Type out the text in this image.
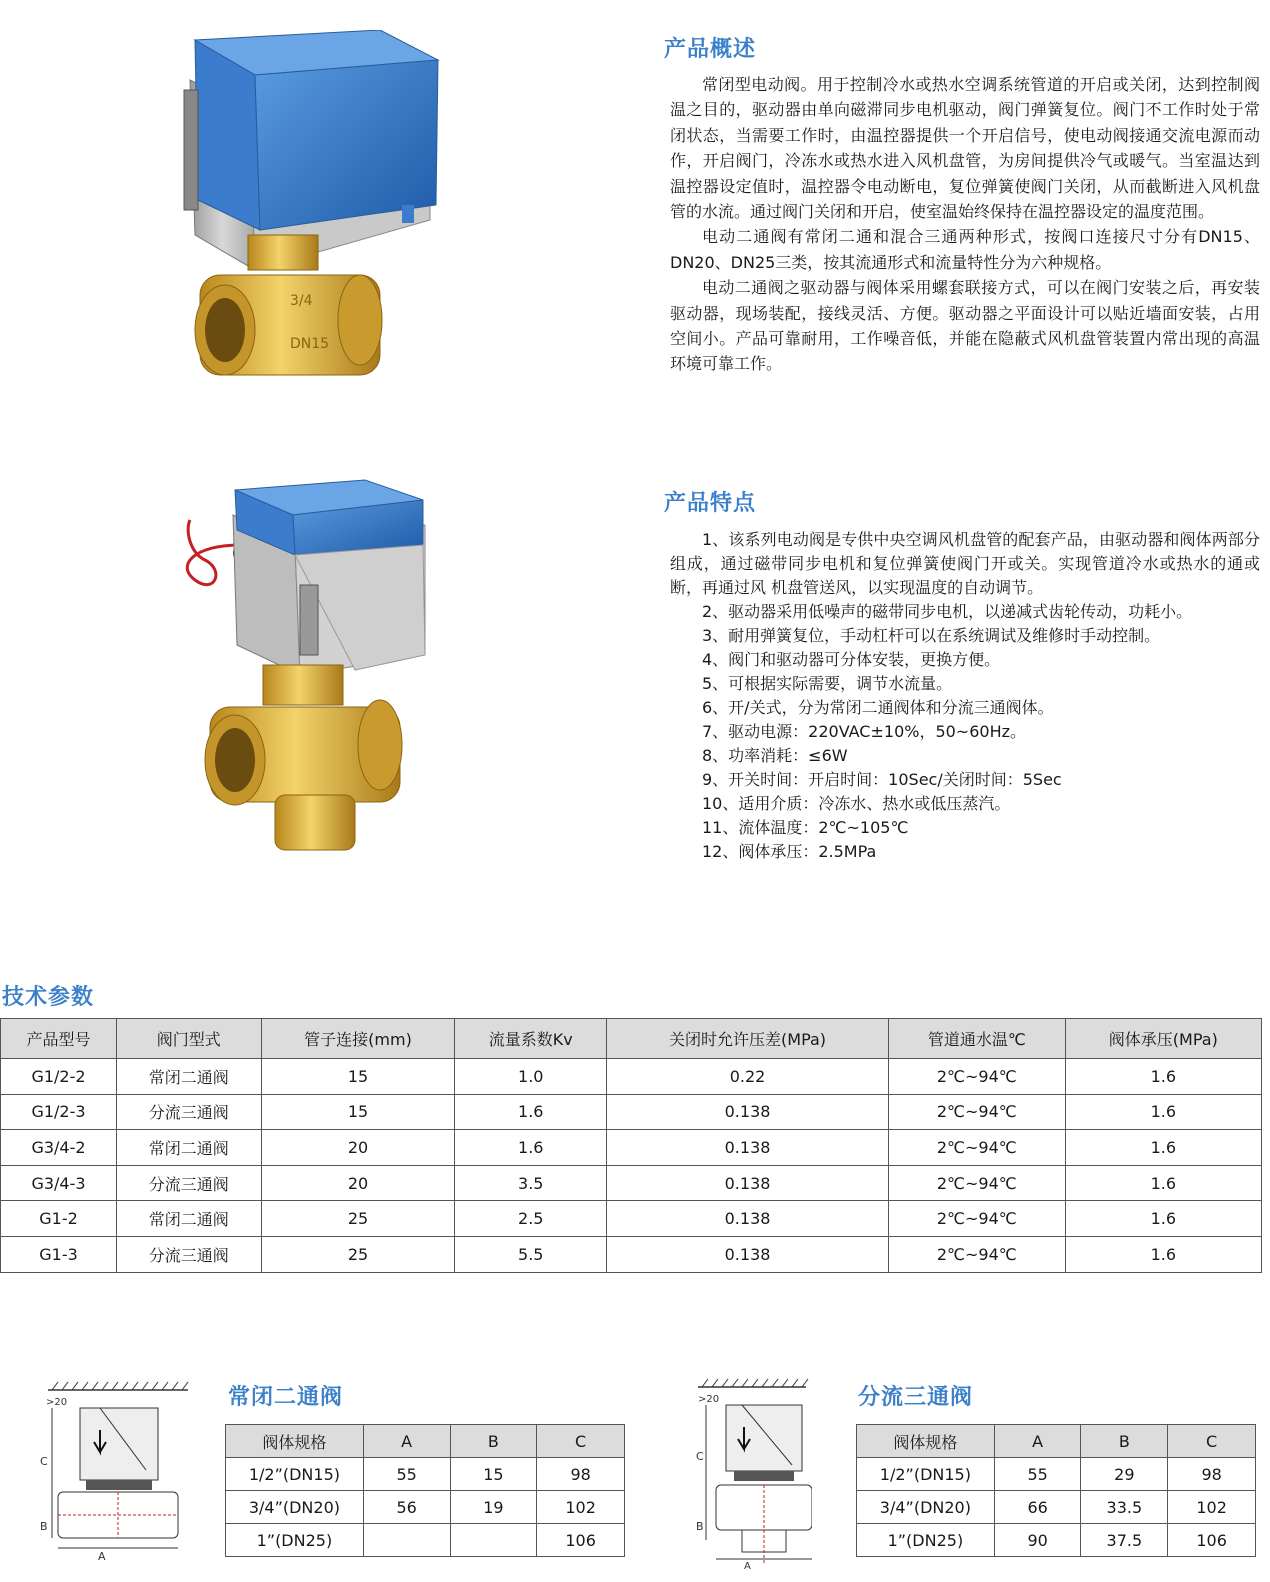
产品概述

常闭型电动阀。用于控制冷水或热水空调系统管道的开启或关闭，达到控制阀温之目的，驱动器由单向磁滞同步电机驱动，阀门弹簧复位。阀门不工作时处于常闭状态，当需要工作时，由温控器提供一个开启信号，使电动阀接通交流电源而动作，开启阀门，冷冻水或热水进入风机盘管，为房间提供冷气或暖气。当室温达到温控器设定值时，温控器令电动断电，复位弹簧使阀门关闭，从而截断进入风机盘管的水流。通过阀门关闭和开启，使室温始终保持在温控器设定的温度范围。

电动二通阀有常闭二通和混合三通两种形式，按阀口连接尺寸分有DN15、DN20、DN25三类，按其流通形式和流量特性分为六种规格。

电动二通阀之驱动器与阀体采用螺套联接方式，可以在阀门安装之后，再安装驱动器，现场装配，接线灵活、方便。驱动器之平面设计可以贴近墙面安装，占用空间小。产品可靠耐用，工作噪音低，并能在隐蔽式风机盘管装置内常出现的高温环境可靠工作。

3/4
DN15
产品特点

1、该系列电动阀是专供中央空调风机盘管的配套产品，由驱动器和阀体两部分组成，通过磁带同步电机和复位弹簧使阀门开或关。实现管道冷水或热水的通或断，再通过风 机盘管送风，以实现温度的自动调节。

2、驱动器采用低噪声的磁带同步电机，以递减式齿轮传动，功耗小。

3、耐用弹簧复位，手动杠杆可以在系统调试及维修时手动控制。

4、阀门和驱动器可分体安装，更换方便。

5、可根据实际需要，调节水流量。

6、开/关式，分为常闭二通阀体和分流三通阀体。

7、驱动电源：220VAC±10%，50~60Hz。

8、功率消耗：≤6W

9、开关时间：开启时间：10Sec/关闭时间：5Sec

10、适用介质：冷冻水、热水或低压蒸汽。

11、流体温度：2℃~105℃

12、阀体承压：2.5MPa

技术参数
产品型号	阀门型式	管子连接(mm)	流量系数Kv	关闭时允许压差(MPa)	管道通水温℃	阀体承压(MPa)
G1/2-2	常闭二通阀	15	1.0	0.22	2℃~94℃	1.6
G1/2-3	分流三通阀	15	1.6	0.138	2℃~94℃	1.6
G3/4-2	常闭二通阀	20	1.6	0.138	2℃~94℃	1.6
G3/4-3	分流三通阀	20	3.5	0.138	2℃~94℃	1.6
G1-2	常闭二通阀	25	2.5	0.138	2℃~94℃	1.6
G1-3	分流三通阀	25	5.5	0.138	2℃~94℃	1.6
>20
C
B
A
常闭二通阀
阀体规格	A	B	C
1/2”(DN15)	55	15	98
3/4”(DN20)	56	19	102
1”(DN25)			106
>20
C
B
A
分流三通阀
阀体规格	A	B	C
1/2”(DN15)	55	29	98
3/4”(DN20)	66	33.5	102
1”(DN25)	90	37.5	106
